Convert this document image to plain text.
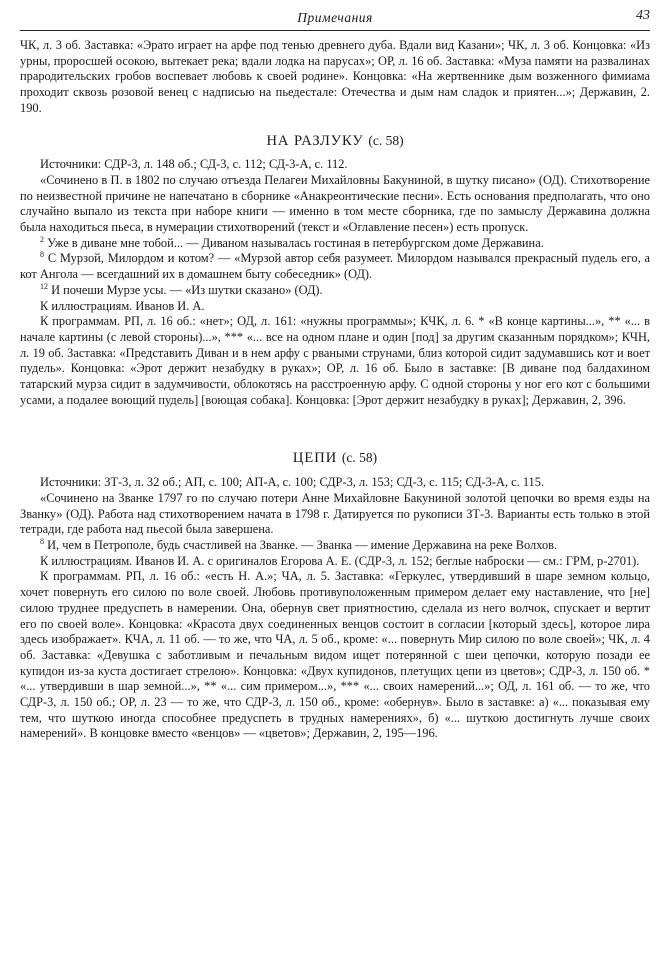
Примечания	43

ЧК, л. 3 об. Заставка: «Эрато играет на арфе под тенью древнего дуба. Вдали вид Казани»; ЧК, л. 3 об. Концовка: «Из урны, проросшей осокою, вытекает река; вдали лодка на парусах»; ОР, л. 16 об. Заставка: «Муза памяти на развалинах прародительских гробов воспевает любовь к своей родине». Концовка: «На жертвеннике дым возженного фимиама проходит сквозь розовой венец с надписью на пьедестале: Отечества и дым нам сладок и приятен...»; Державин, 2. 190.

НА РАЗЛУКУ (с. 58)

Источники: СДР-3, л. 148 об.; СД-3, с. 112; СД-3-А, с. 112.

«Сочинено в П. в 1802 по случаю отъезда Пелагеи Михайловны Бакуниной, в шутку писано» (ОД). Стихотворение по неизвестной причине не напечатано в сборнике «Анакреонтические песни». Есть основания предполагать, что оно случайно выпало из текста при наборе книги — именно в том месте сборника, где по замыслу Державина должна была находиться пьеса, в нумерации стихотворений (текст и «Оглавление песен») есть пропуск.

$^2$ Уже в диване мне тобой... — Диваном называлась гостиная в петербургском доме Державина.

$^8$ С Мурзой, Милордом и котом? — «Мурзой автор себя разумеет. Милордом назывался прекрасный пудель его, а кот Ангола — всегдашний их в домашнем быту собеседник» (ОД).

$^{12}$ И почеши Мурзе усы. — «Из шутки сказано» (ОД).

К иллюстрациям. Иванов И. А.

К программам. РП, л. 16 об.: «нет»; ОД, л. 161: «нужны программы»; КЧК, л. 6. * «В конце картины...», ** «... в начале картины (с левой стороны)...», *** «... все на одном плане и один [под] за другим сказанным порядком»; КЧН, л. 19 об. Заставка: «Представить Диван и в нем арфу с рваными струнами, близ которой сидит задумавшись кот и воет пудель». Концовка: «Эрот держит незабудку в руках»; ОР, л. 16 об. Было в заставке: [В диване под балдахином татарский мурза сидит в задумчивости, облокотясь на расстроенную арфу. С одной стороны у ног его кот с большими усами, а подалее воющий пудель] [воющая собака]. Концовка: [Эрот держит незабудку в руках]; Державин, 2, 396.

ЦЕПИ (с. 58)

Источники: ЗТ-3, л. 32 об.; АП, с. 100; АП-А, с. 100; СДР-3, л. 153; СД-3, с. 115; СД-3-А, с. 115.

«Сочинено на Званке 1797 го по случаю потери Анне Михайловне Бакуниной золотой цепочки во время езды на Званку» (ОД). Работа над стихотворением начата в 1798 г. Датируется по рукописи ЗТ-3. Варианты есть только в этой тетради, где работа над пьесой была завершена.

$^8$ И, чем в Петрополе, будь счастливей на Званке. — Званка — имение Державина на реке Волхов.

К иллюстрациям. Иванов И. А. с оригиналов Егорова А. Е. (СДР-3, л. 152; беглые наброски — см.: ГРМ, р-2701).

К программам. РП, л. 16 об.: «есть Н. А.»; ЧА, л. 5. Заставка: «Геркулес, утвердивший в шаре земном кольцо, хочет повернуть его силою по воле своей. Любовь противуположенным примером делает ему наставление, что [не] силою труднее предуспеть в намерении. Она, обернув свет приятностию, сделала из него волчок, спускает и вертит его по своей воле». Концовка: «Красота двух соединенных венцов состоит в согласии [который здесь], которое лира здесь изображает». КЧА, л. 11 об. — то же, что ЧА, л. 5 об., кроме: «... повернуть Мир силою по воле своей»; ЧК, л. 4 об. Заставка: «Девушка с заботливым и печальным видом ищет потерянной с шеи цепочки, которую позади ее купидон из-за куста достигает стрелою». Концовка: «Двух купидонов, плетущих цепи из цветов»; СДР-3, л. 150 об. * «... утвердивши в шар земной...», ** «... сим примером...», *** «... своих намерений...»; ОД, л. 161 об. — то же, что СДР-3, л. 150 об.; ОР, л. 23 — то же, что СДР-3, л. 150 об., кроме: «обернув». Было в заставке: а) «... показывая ему тем, что шуткою иногда способнее предуспеть в трудных намерениях», б) «... шуткою достигнуть лучше своих намерений». В концовке вместо «венцов» — «цветов»; Державин, 2, 195—196.
